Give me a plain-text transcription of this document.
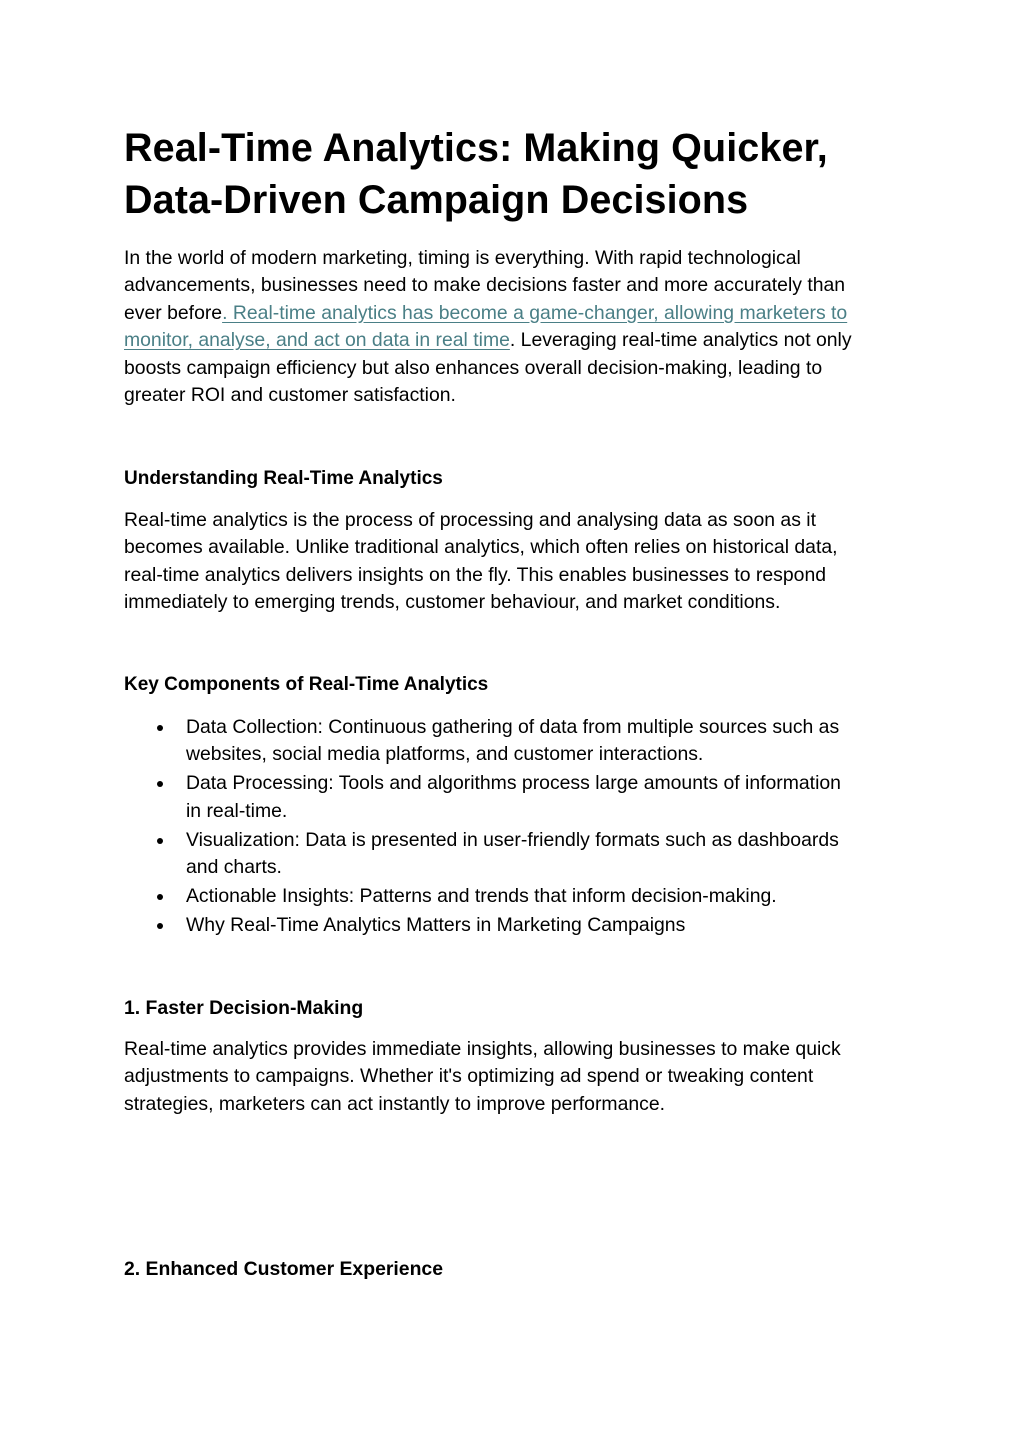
Real-Time Analytics: Making Quicker,
Data-Driven Campaign Decisions

In the world of modern marketing, timing is everything. With rapid technological
advancements, businesses need to make decisions faster and more accurately than
ever before. Real-time analytics has become a game-changer, allowing marketers to
monitor, analyse, and act on data in real time. Leveraging real-time analytics not only
boosts campaign efficiency but also enhances overall decision-making, leading to
greater ROI and customer satisfaction.

Understanding Real-Time Analytics

Real-time analytics is the process of processing and analysing data as soon as it
becomes available. Unlike traditional analytics, which often relies on historical data,
real-time analytics delivers insights on the fly. This enables businesses to respond
immediately to emerging trends, customer behaviour, and market conditions.

Key Components of Real-Time Analytics
Data Collection: Continuous gathering of data from multiple sources such as
websites, social media platforms, and customer interactions.
Data Processing: Tools and algorithms process large amounts of information
in real-time.
Visualization: Data is presented in user-friendly formats such as dashboards
and charts.
Actionable Insights: Patterns and trends that inform decision-making.
Why Real-Time Analytics Matters in Marketing Campaigns
1. Faster Decision-Making

Real-time analytics provides immediate insights, allowing businesses to make quick
adjustments to campaigns. Whether it's optimizing ad spend or tweaking content
strategies, marketers can act instantly to improve performance.

2. Enhanced Customer Experience
